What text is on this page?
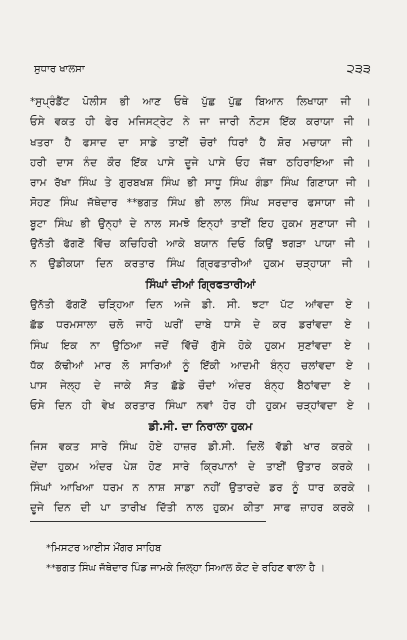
ਸੁਧਾਰ ਖਾਲਸਾ	੨੩੩
*ਸੁਪ੍ਰੰਡੈਂਟ ਪੋਲੀਸ ਭੀ ਆਣ ਓਥੇ ਪੁੱਛ ਪੁੱਛ ਬਿਆਨ ਲਿਖਾਯਾ ਜੀ ।
ਓਸੇ ਵਕਤ ਹੀ ਫੇਰ ਮਜਿਸਟ੍ਰੇਟ ਨੇ ਜਾ ਜਾਰੀ ਨੋਟਸ ਇੱਕ ਕਰਾਯਾ ਜੀ ।
ਖਤਰਾ ਹੈ ਫਸਾਦ ਦਾ ਸਾਡੇ ਤਾਈਂ ਚੋਰਾਂ ਧਿਰਾਂ ਹੈ ਸ਼ੋਰ ਮਚਾਯਾ ਜੀ ।
ਹਰੀ ਦਾਸ ਨੰਦ ਕੌਰ ਇੱਕ ਪਾਸੇ ਦੂਜੇ ਪਾਸੇ ਓਹ ਜੱਥਾ ਠਹਿਰਾਇਆ ਜੀ ।
ਰਾਮ ਰੱਖਾ ਸਿੰਘ ਤੇ ਗੁਰਬਖਸ਼ ਸਿੰਘ ਭੀ ਸਾਧੂ ਸਿੰਘ ਗੰਡਾ ਸਿੰਘ ਗਿਣਾਯਾ ਜੀ ।
ਸੋਹਣ ਸਿੰਘ ਜੱਥੇਦਾਰ **ਭਗਤ ਸਿੰਘ ਭੀ ਲਾਲ ਸਿੰਘ ਸਰਦਾਰ ਫਸਾਯਾ ਜੀ ।
ਬੂਟਾ ਸਿੰਘ ਭੀ ਉਨ੍ਹਾਂ ਦੇ ਨਾਲ ਸਮਝੋ ਇਨ੍ਹਾਂ ਤਾਈਂ ਇਹ ਹੁਕਮ ਸੁਣਾਯਾ ਜੀ ।
ਉਨੱਤੀ ਫੱਗਣੋਂ ਵਿੱਚ ਕਚਿਹਿਰੀ ਆਕੇ ਬਯਾਨ ਦਿਓ ਕਿਉਂ ਝਗੜਾ ਪਾਯਾ ਜੀ ।
ਨ ਉਡੀਕਯਾ ਦਿਨ ਕਰਤਾਰ ਸਿੰਘ ਗ੍ਰਿਫਤਾਰੀਆਂ ਹੁਕਮ ਚੜ੍ਹਾਯਾ ਜੀ ।
ਸਿੰਘਾਂ ਦੀਆਂ ਗ੍ਰਿਫਤਾਰੀਆਂ
ਉਨੱਤੀ ਫੱਗਣੋਂ ਚੜ੍ਹਿਆ ਦਿਨ ਅਜੇ ਡੀ. ਸੀ. ਝਟਾ ਪੱਟ ਆਂਵਦਾ ਏ ।
ਛੱਡ ਧਰਮਸਾਲਾ ਚਲੋ ਜਾਹੋ ਘਰੀਂ ਦਾਬੇ ਧਾਸੇ ਦੇ ਕਰ ਡਰਾਂਵਦਾ ਏ ।
ਸਿੰਘ ਇਕ ਨਾ ਉਠਿਆ ਜਦੋਂ ਵਿੱਚੋਂ ਗੁੱਸੇ ਹੋਕੇ ਹੁਕਮ ਸੁਣਾਂਵਦਾ ਏ ।
ਧੱਕ ਕੱਢੀਆਂ ਮਾਰ ਲੋ ਸਾਰਿਆਂ ਨੂੰ ਇੱਕੀ ਆਦਮੀ ਬੰਨ੍ਹ ਚਲਾਂਵਦਾ ਏ ।
ਪਾਸ ਜੇਲ੍ਹ ਦੇ ਜਾਕੇ ਸੱਤ ਛੱਡੇ ਚੌਦਾਂ ਅੰਦਰ ਬੰਨ੍ਹ ਬੈਠਾਂਵਦਾ ਏ ।
ਓਸੇ ਦਿਨ ਹੀ ਵੇਖ ਕਰਤਾਰ ਸਿੰਘਾ ਨਵਾਂ ਹੋਰ ਹੀ ਹੁਕਮ ਚੜ੍ਹਾਂਵਦਾ ਏ ।
ਡੀ.ਸੀ. ਦਾ ਨਿਰਾਲਾ ਹੁਕਮ
ਜਿਸ ਵਕਤ ਸਾਰੇ ਸਿੰਘ ਹੋਏ ਹਾਜ਼ਰ ਡੀ.ਸੀ. ਦਿਲੋਂ ਵੱਡੀ ਖਾਰ ਕਰਕੇ ।
ਦੇਂਦਾ ਹੁਕਮ ਅੰਦਰ ਪੇਸ਼ ਹੋਣ ਸਾਰੇ ਕ੍ਰਿਪਾਨਾਂ ਦੇ ਤਾਈਂ ਉਤਾਰ ਕਰਕੇ ।
ਸਿੰਘਾਂ ਆਖਿਆ ਧਰਮ ਨ ਨਾਸ਼ ਸਾਡਾ ਨਹੀਂ ਉਤਾਰਦੇ ਡਰ ਨੂੰ ਧਾਰ ਕਰਕੇ ।
ਦੂਜੇ ਦਿਨ ਦੀ ਪਾ ਤਾਰੀਖ ਦਿੱਤੀ ਨਾਲ ਹੁਕਮ ਕੀਤਾ ਸਾਫ ਜ਼ਾਹਰ ਕਰਕੇ ।
*ਮਿਸਟਰ ਆਈਸ ਮੌਂਗਰ ਸਾਹਿਬ
**ਭਗਤ ਸਿੰਘ ਜੱਥੇਦਾਰ ਪਿੰਡ ਜਾਮਕੇ ਜ਼ਿਲ੍ਹਾ ਸਿਆਲ ਕੋਟ ਦੇ ਰਹਿਣ ਵਾਲਾ ਹੈ ।
